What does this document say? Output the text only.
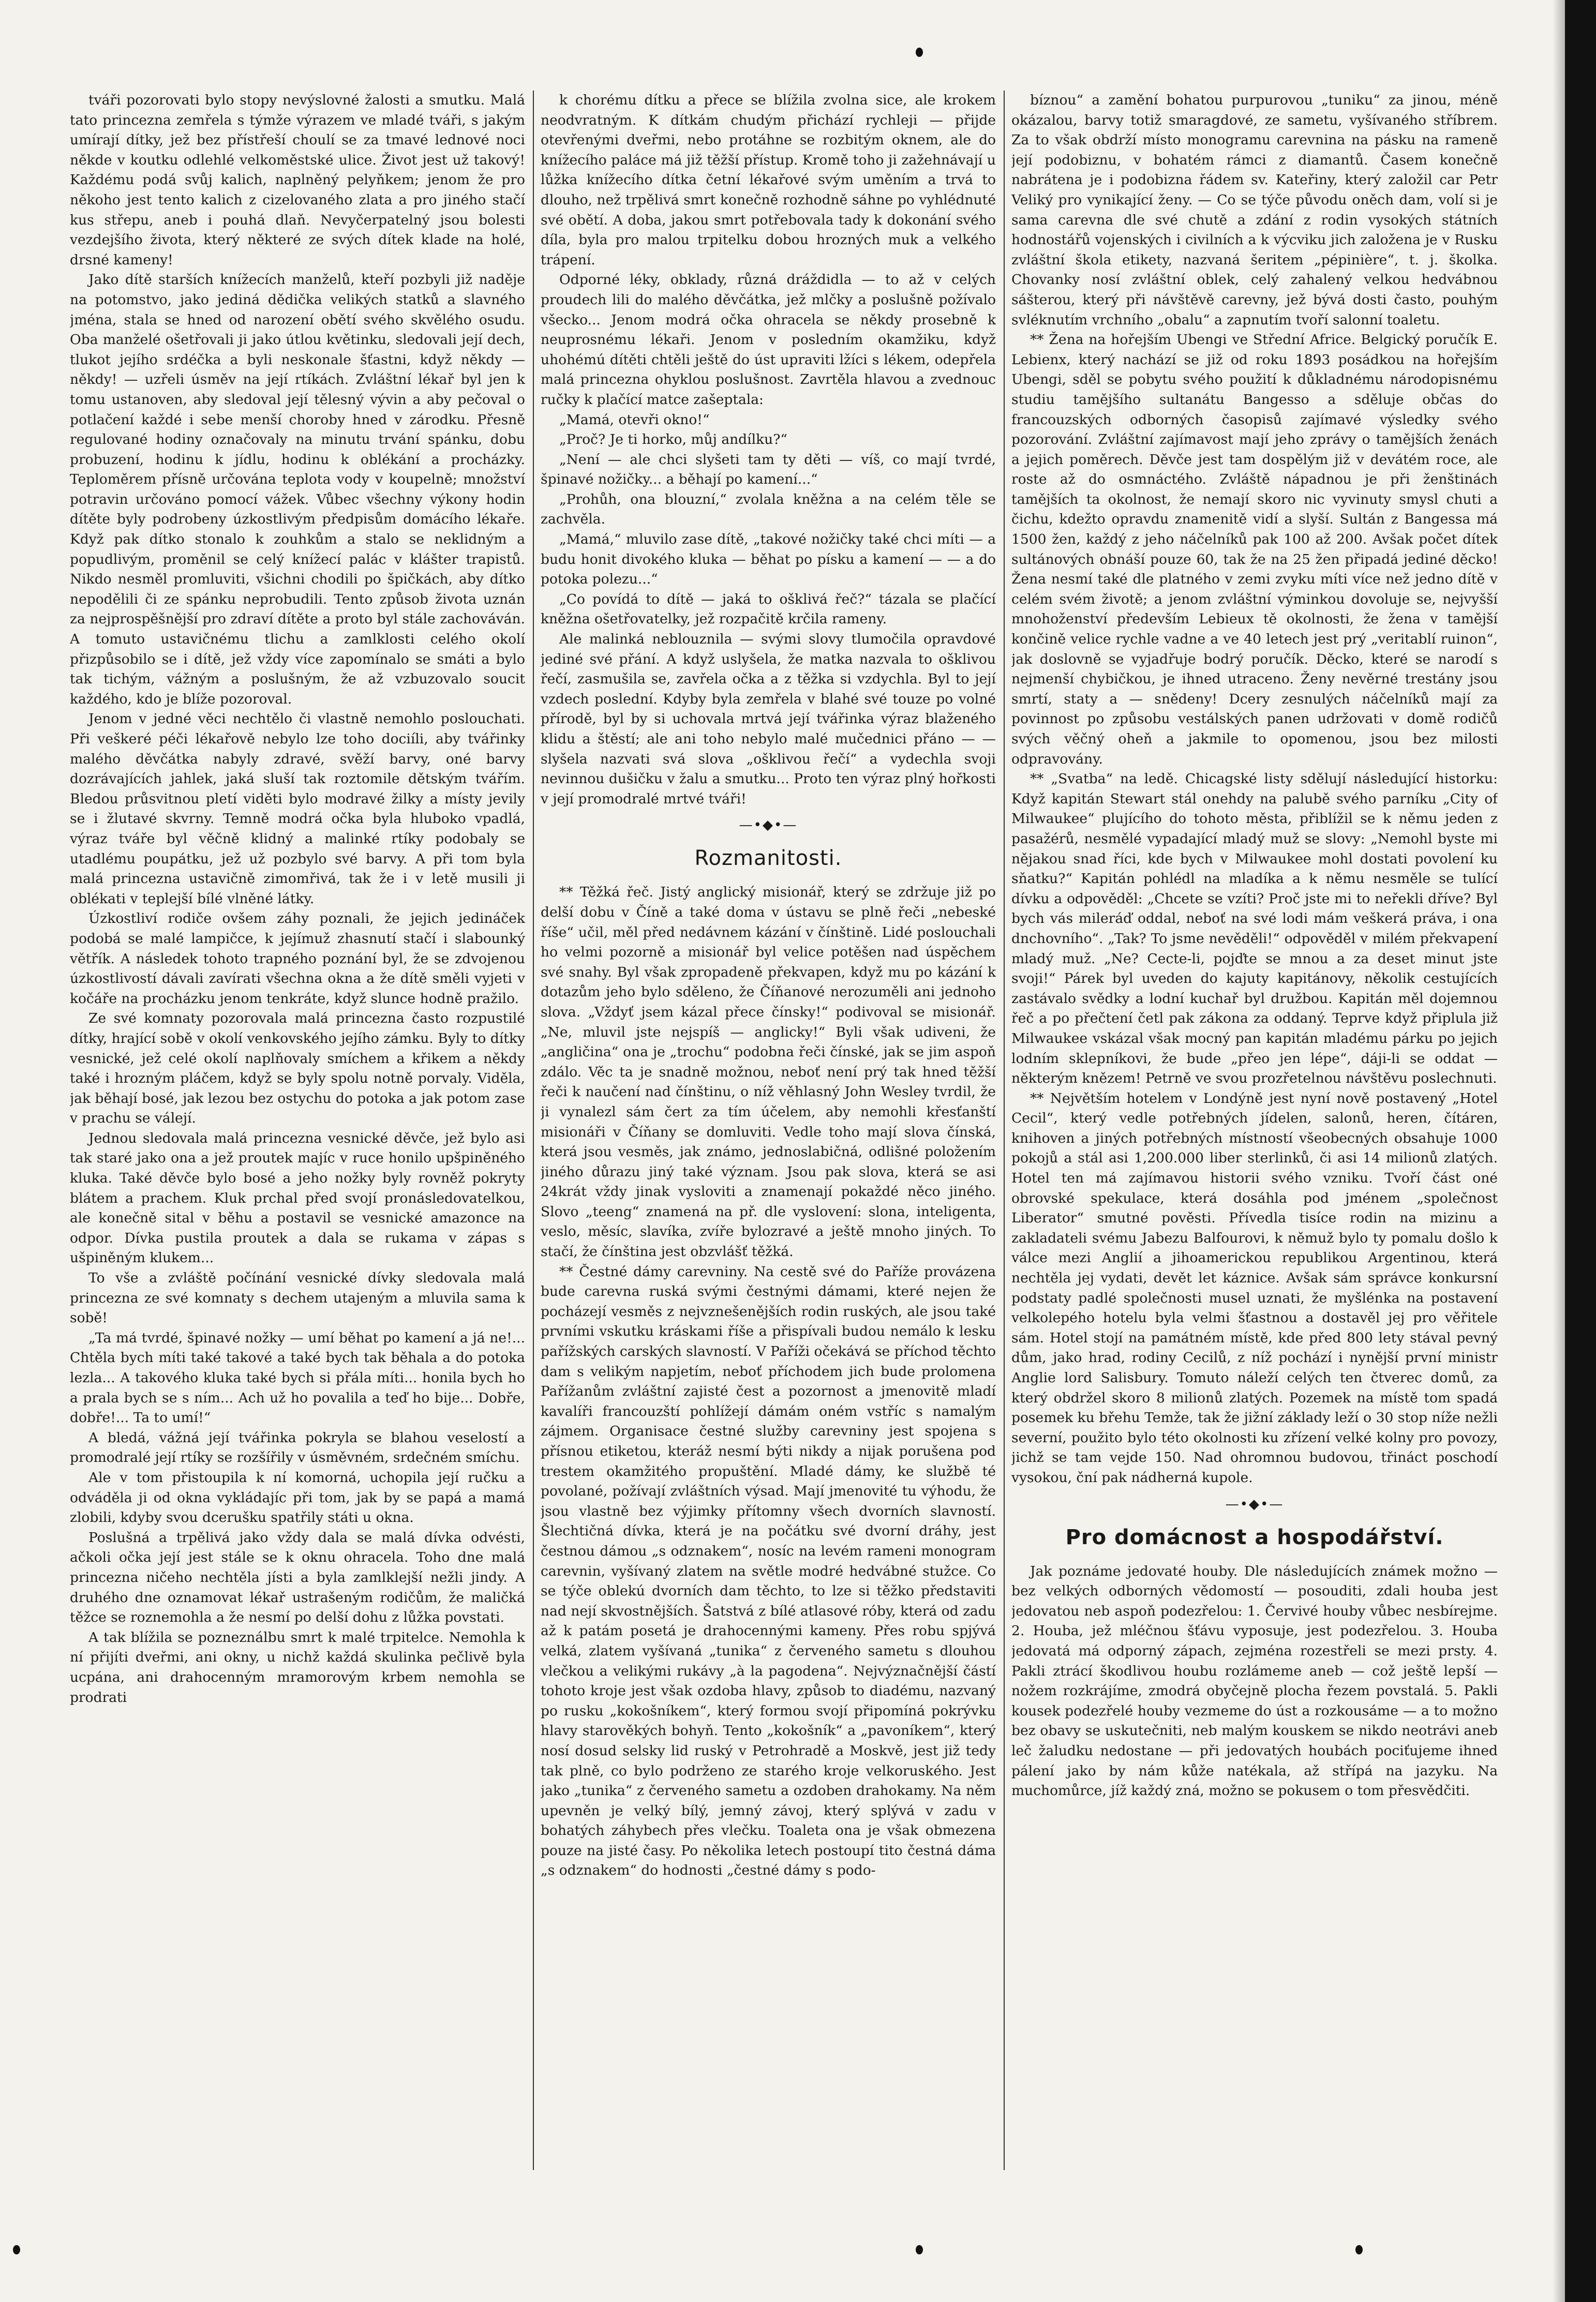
tváři pozorovati bylo stopy nevýslovné žalosti a smutku. Malá tato princezna zemřela s týmže výrazem ve mladé tváři, s jakým umírají dítky, jež bez přístřeší choulí se za tmavé lednové noci někde v koutku odlehlé velkoměstské ulice. Život jest už takový! Každému podá svůj kalich, naplněný pelyňkem; jenom že pro někoho jest tento kalich z cizelovaného zlata a pro jiného stačí kus střepu, aneb i pouhá dlaň. Nevyčerpatelný jsou bolesti vezdejšího života, který některé ze svých dítek klade na holé, drsné kameny!

Jako dítě starších knížecích manželů, kteří pozbyli již naděje na potomstvo, jako jediná dědička velikých statků a slavného jména, stala se hned od narození obětí svého skvělého osudu. Oba manželé ošetřovali ji jako útlou květinku, sledovali její dech, tlukot jejího srdéčka a byli neskonale šťastni, když někdy — někdy! — uzřeli úsměv na její rtíkách. Zvláštní lékař byl jen k tomu ustanoven, aby sledoval její tělesný vývin a aby pečoval o potlačení každé i sebe menší choroby hned v zárodku. Přesně regulované hodiny označovaly na minutu trvání spánku, dobu probuzení, hodinu k jídlu, hodinu k oblékání a procházky. Teploměrem přísně určována teplota vody v koupelně; množství potravin určováno pomocí vážek. Vůbec všechny výkony hodin dítěte byly podrobeny úzkostlivým předpisům domácího lékaře. Když pak dítko stonalo k zouhkům a stalo se neklidným a popudlivým, proměnil se celý knížecí palác v klášter trapistů. Nikdo nesměl promluviti, všichni chodili po špičkách, aby dítko nepodělili či ze spánku neprobudili. Tento způsob života uznán za nejprospěšnější pro zdraví dítěte a proto byl stále zachováván. A tomuto ustavičnému tlichu a zamlklosti celého okolí přizpůsobilo se i dítě, jež vždy více zapomínalo se smáti a bylo tak tichým, vážným a poslušným, že až vzbuzovalo soucit každého, kdo je blíže pozoroval.

Jenom v jedné věci nechtělo či vlastně nemohlo poslouchati. Při veškeré péči lékařově nebylo lze toho dociíli, aby tvářinky malého děvčátka nabyly zdravé, svěží barvy, oné barvy dozrávajících jahlek, jaká sluší tak roztomile dětským tvářím. Bledou průsvitnou pletí viděti bylo modravé žilky a místy jevily se i žlutavé skvrny. Temně modrá očka byla hluboko vpadlá, výraz tváře byl věčně klidný a malinké rtíky podobaly se utadlému poupátku, jež už pozbylo své barvy. A při tom byla malá princezna ustavičně zimomřivá, tak že i v letě musili ji oblékati v teplejší bílé vlněné látky.

Úzkostliví rodiče ovšem záhy poznali, že jejich jedináček podobá se malé lampičce, k jejímuž zhasnutí stačí i slabounký větřík. A následek tohoto trapného poznání byl, že se zdvojenou úzkostlivostí dávali zavírati všechna okna a že dítě směli vyjeti v kočáře na procházku jenom tenkráte, když slunce hodně pražilo.

Ze své komnaty pozorovala malá princezna často rozpustilé dítky, hrající sobě v okolí venkovského jejího zámku. Byly to dítky vesnické, jež celé okolí naplňovaly smíchem a křikem a někdy také i hrozným pláčem, když se byly spolu notně porvaly. Viděla, jak běhají bosé, jak lezou bez ostychu do potoka a jak potom zase v prachu se válejí.

Jednou sledovala malá princezna vesnické děvče, jež bylo asi tak staré jako ona a jež proutek majíc v ruce honilo upšpiněného kluka. Také děvče bylo bosé a jeho nožky byly rovněž pokryty blátem a prachem. Kluk prchal před svojí pronásledovatelkou, ale konečně sital v běhu a postavil se vesnické amazonce na odpor. Dívka pustila proutek a dala se rukama v zápas s ušpiněným klukem...

To vše a zvláště počínání vesnické dívky sledovala malá princezna ze své komnaty s dechem utajeným a mluvila sama k sobě!

„Ta má tvrdé, špinavé nožky — umí běhat po kamení a já ne!... Chtěla bych míti také takové a také bych tak běhala a do potoka lezla... A takového kluka také bych si přála míti... honila bych ho a prala bych se s ním... Ach už ho povalila a teď ho bije... Dobře, dobře!... Ta to umí!“

A bledá, vážná její tvářinka pokryla se blahou veselostí a promodralé její rtíky se rozšířily v úsměvném, srdečném smíchu.

Ale v tom přistoupila k ní komorná, uchopila její ručku a odváděla ji od okna vykládajíc při tom, jak by se papá a mamá zlobili, kdyby svou dcerušku spatřily státi u okna.

Poslušná a trpělivá jako vždy dala se malá dívka odvésti, ačkoli očka její jest stále se k oknu ohracela. Toho dne malá princezna ničeho nechtěla jísti a byla zamlklejší nežli jindy. A druhého dne oznamovat lékař ustrašeným rodičům, že maličká těžce se roznemohla a že nesmí po delší dohu z lůžka povstati.

A tak blížila se pozneználbu smrt k malé trpitelce. Nemohla k ní přijíti dveřmi, ani okny, u nichž každá skulinka pečlivě byla ucpána, ani drahocenným mramorovým krbem nemohla se prodrati

k chorému dítku a přece se blížila zvolna sice, ale krokem neodvratným. K dítkám chudým přichází rychleji — přijde otevřenými dveřmi, nebo protáhne se rozbitým oknem, ale do knížecího paláce má již těžší přístup. Kromě toho ji zažehnávají u lůžka knížecího dítka četní lékařové svým uměním a trvá to dlouho, než trpělivá smrt konečně rozhodně sáhne po vyhlédnuté své obětí. A doba, jakou smrt potřebovala tady k dokonání svého díla, byla pro malou trpitelku dobou hrozných muk a velkého trápení.

Odporné léky, obklady, různá dráždidla — to až v celých proudech lili do malého děvčátka, jež mlčky a poslušně požívalo všecko... Jenom modrá očka ohracela se někdy prosebně k neuprosnému lékaři. Jenom v posledním okamžiku, když uhohémú dítěti chtěli ještě do úst upraviti lžíci s lékem, odepřela malá princezna ohyklou poslušnost. Zavrtěla hlavou a zvednouc ručky k plačící matce zašeptala:

„Mamá, otevři okno!“

„Proč? Je ti horko, můj andílku?“

„Není — ale chci slyšeti tam ty děti — víš, co mají tvrdé, špinavé nožičky... a běhají po kamení...“

„Prohůh, ona blouzní,“ zvolala kněžna a na celém těle se zachvěla.

„Mamá,“ mluvilo zase dítě, „takové nožičky také chci míti — a budu honit divokého kluka — běhat po písku a kamení — — a do potoka polezu...“

„Co povídá to dítě — jaká to ošklivá řeč?“ tázala se plačící kněžna ošetřovatelky, jež rozpačitě krčila rameny.

Ale malinká neblouznila — svými slovy tlumočila opravdové jediné své přání. A když uslyšela, že matka nazvala to ošklivou řečí, zasmušila se, zavřela očka a z těžka si vzdychla. Byl to její vzdech poslední. Kdyby byla zemřela v blahé své touze po volné přírodě, byl by si uchovala mrtvá její tvářinka výraz blaženého klidu a štěstí; ale ani toho nebylo malé mučednici přáno — — slyšela nazvati svá slova „ošklivou řečí“ a vydechla svoji nevinnou dušičku v žalu a smutku... Proto ten výraz plný hořkosti v její promodralé mrtvé tváři!

—•◆•—
Rozmanitosti.

** Těžká řeč. Jistý anglický misionář, který se zdržuje již po delší dobu v Číně a také doma v ústavu se plně řeči „nebeské říše“ učil, měl před nedávnem kázání v čínštině. Lidé poslouchali ho velmi pozorně a misionář byl velice potěšen nad úspěchem své snahy. Byl však zpropadeně překvapen, když mu po kázání k dotazům jeho bylo sděleno, že Číňanové nerozuměli ani jednoho slova. „Vždyť jsem kázal přece čínsky!“ podivoval se misionář. „Ne, mluvil jste nejspíš — anglicky!“ Byli však udiveni, že „angličina“ ona je „trochu“ podobna řeči čínské, jak se jim aspoň zdálo. Věc ta je snadně možnou, neboť není prý tak hned těžší řeči k naučení nad čínštinu, o níž věhlasný John Wesley tvrdil, že ji vynalezl sám čert za tím účelem, aby nemohli křesťanští misionáři v Číňany se domluviti. Vedle toho mají slova čínská, která jsou vesměs, jak známo, jednoslabičná, odlišné položením jiného důrazu jiný také význam. Jsou pak slova, která se asi 24krát vždy jinak vysloviti a znamenají pokaždé něco jiného. Slovo „teeng“ znamená na př. dle vyslovení: slona, inteligenta, veslo, měsíc, slavíka, zvíře bylozravé a ještě mnoho jiných. To stačí, že čínština jest obzvlášť těžká.

** Čestné dámy carevniny. Na cestě své do Paříže provázena bude carevna ruská svými čestnými dámami, které nejen že pocházejí vesměs z nejvznešenějších rodin ruských, ale jsou také prvními vskutku kráskami říše a přispívali budou nemálo k lesku pařížských carských slavností. V Paříži očekává se příchod těchto dam s velikým napjetím, neboť příchodem jich bude prolomena Pařížanům zvláštní zajisté čest a pozornost a jmenovitě mladí kavalíři francouzští pohlížejí dámám oném vstříc s namalým zájmem. Organisace čestné služby carevniny jest spojena s přísnou etiketou, kteráž nesmí býti nikdy a nijak porušena pod trestem okamžitého propuštění. Mladé dámy, ke službě té povolané, požívají zvláštních výsad. Mají jmenovité tu výhodu, že jsou vlastně bez výjimky přítomny všech dvorních slavností. Šlechtičná dívka, která je na počátku své dvorní dráhy, jest čestnou dámou „s odznakem“, nosíc na levém rameni monogram carevnin, vyšívaný zlatem na světle modré hedvábné stužce. Co se týče oblekú dvorních dam těchto, to lze si těžko představiti nad nejí skvostnějších. Šatstvá z bílé atlasové róby, která od zadu až k patám posetá je drahocennými kameny. Přes robu spjývá velká, zlatem vyšívaná „tunika“ z červeného sametu s dlouhou vlečkou a velikými rukávy „à la pagodena“. Nejvýznačnější částí tohoto kroje jest však ozdoba hlavy, způsob to diadému, nazvaný po rusku „kokošníkem“, který formou svojí připomíná pokrývku hlavy starověkých bohyň. Tento „kokošník“ a „pavoníkem“, který nosí dosud selsky lid ruský v Petrohradě a Moskvě, jest již tedy tak plně, co bylo podrženo ze starého kroje velkoruského. Jest jako „tunika“ z červeného sametu a ozdoben drahokamy. Na něm upevněn je velký bílý, jemný závoj, který splývá v zadu v bohatých záhybech přes vlečku. Toaleta ona je však obmezena pouze na jisté časy. Po několika letech postoupí tito čestná dáma „s odznakem“ do hodnosti „čestné dámy s podo-

bíznou“ a zamění bohatou purpurovou „tuniku“ za jinou, méně okázalou, barvy totiž smaragdové, ze sametu, vyšívaného stříbrem. Za to však obdrží místo monogramu carevnina na pásku na rameně její podobiznu, v bohatém rámci z diamantů. Časem konečně nabrátena je i podobizna řádem sv. Kateřiny, který založil car Petr Veliký pro vynikající ženy. — Co se týče původu oněch dam, volí si je sama carevna dle své chutě a zdání z rodin vysokých státních hodnostářů vojenských i civilních a k výcviku jich založena je v Rusku zvláštní škola etikety, nazvaná šeritem „pépinière“, t. j. školka. Chovanky nosí zvláštní oblek, celý zahalený velkou hedvábnou sášterou, který při návštěvě carevny, jež bývá dosti často, pouhým svléknutím vrchního „obalu“ a zapnutím tvoří salonní toaletu.

** Žena na hořejším Ubengi ve Střední Africe. Belgický poručík E. Lebienx, který nachází se již od roku 1893 posádkou na hořejším Ubengi, sděl se pobytu svého použití k důkladnému národopisnému studiu tamějšího sultanátu Bangesso a sděluje občas do francouzských odborných časopisů zajímavé výsledky svého pozorování. Zvláštní zajímavost mají jeho zprávy o tamějších ženách a jejich poměrech. Děvče jest tam dospělým již v devátém roce, ale roste až do osmnáctého. Zvláště nápadnou je při ženštinách tamějších ta okolnost, že nemají skoro nic vyvinuty smysl chuti a čichu, kdežto opravdu znamenitě vidí a slyší. Sultán z Bangessa má 1500 žen, každý z jeho náčelníků pak 100 až 200. Avšak počet dítek sultánových obnáší pouze 60, tak že na 25 žen připadá jediné děcko! Žena nesmí také dle platného v zemi zvyku míti více než jedno dítě v celém svém životě; a jenom zvláštní výminkou dovoluje se, nejvyšší mnohoženství především Lebieux tě okolnosti, že žena v tamější končině velice rychle vadne a ve 40 letech jest prý „veritablí ruinon“, jak doslovně se vyjadřuje bodrý poručík. Děcko, které se narodí s nejmenší chybičkou, je ihned utraceno. Ženy nevěrné trestány jsou smrtí, staty a — snědeny! Dcery zesnulých náčelníků mají za povinnost po způsobu vestálských panen udržovati v domě rodičů svých věčný oheň a jakmile to opomenou, jsou bez milosti odpravovány.

** „Svatba“ na ledě. Chicagské listy sdělují následující historku: Když kapitán Stewart stál onehdy na palubě svého parníku „City of Milwaukee“ plujícího do tohoto města, přiblížil se k němu jeden z pasažérů, nesmělé vypadající mladý muž se slovy: „Nemohl byste mi nějakou snad říci, kde bych v Milwaukee mohl dostati povolení ku sňatku?“ Kapitán pohlédl na mladíka a k němu nesměle se tulící dívku a odpověděl: „Chcete se vzíti? Proč jste mi to neřekli dříve? Byl bych vás mileráď oddal, neboť na své lodi mám veškerá práva, i ona dnchovního“. „Tak? To jsme nevěděli!“ odpověděl v milém překvapení mladý muž. „Ne? Cecte-li, pojďte se mnou a za deset minut jste svoji!“ Párek byl uveden do kajuty kapitánovy, několik cestujících zastávalo svědky a lodní kuchař byl družbou. Kapitán měl dojemnou řeč a po přečtení četl pak zákona za oddaný. Teprve když připlula již Milwaukee vskázal však mocný pan kapitán mladému párku po jejich lodním sklepníkovi, že bude „přeo jen lépe“, dáji-li se oddat — některým knězem! Petrně ve svou prozřetelnou návštěvu poslechnuti.

** Největším hotelem v Londýně jest nyní nově postavený „Hotel Cecil“, který vedle potřebných jídelen, salonů, heren, čítáren, knihoven a jiných potřebných místností všeobecných obsahuje 1000 pokojů a stál asi 1,200.000 liber sterlinků, či asi 14 milionů zlatých. Hotel ten má zajímavou historii svého vzniku. Tvoří část oné obrovské spekulace, která dosáhla pod jménem „společnost Liberator“ smutné pověsti. Přívedla tisíce rodin na mizinu a zakladateli svému Jabezu Balfourovi, k němuž bylo ty pomalu došlo k válce mezi Anglií a jihoamerickou republikou Argentinou, která nechtěla jej vydati, devět let káznice. Avšak sám správce konkursní podstaty padlé společnosti musel uznati, že myšlénka na postavení velkolepého hotelu byla velmi šťastnou a dostavěl jej pro věřitele sám. Hotel stojí na památném místě, kde před 800 lety stával pevný dům, jako hrad, rodiny Cecilů, z níž pochází i nynější první ministr Anglie lord Salisbury. Tomuto náleží celých ten čtverec domů, za který obdržel skoro 8 milionů zlatých. Pozemek na místě tom spadá posemek ku břehu Temže, tak že jižní základy leží o 30 stop níže nežli severní, použito bylo této okolnosti ku zřízení velké kolny pro povozy, jichž se tam vejde 150. Nad ohromnou budovou, třináct poschodí vysokou, ční pak nádherná kupole.

—•◆•—
Pro domácnost a hospodářství.

Jak poznáme jedovaté houby. Dle následujících známek možno — bez velkých odborných vědomostí — posouditi, zdali houba jest jedovatou neb aspoň podezřelou: 1. Červivé houby vůbec nesbírejme. 2. Houba, jež mléčnou šťávu vyposuje, jest podezřelou. 3. Houba jedovatá má odporný zápach, zejména rozestřeli se mezi prsty. 4. Pakli ztrácí škodlivou houbu rozlámeme aneb — což ještě lepší — nožem rozkrájíme, zmodrá obyčejně plocha řezem povstalá. 5. Pakli kousek podezřelé houby vezmeme do úst a rozkousáme — a to možno bez obavy se uskutečniti, neb malým kouskem se nikdo neotrávi aneb leč žaludku nedostane — při jedovatých houbách pociťujeme ihned pálení jako by nám kůže natékala, až střípá na jazyku. Na muchomůrce, jíž každý zná, možno se pokusem o tom přesvědčiti.
